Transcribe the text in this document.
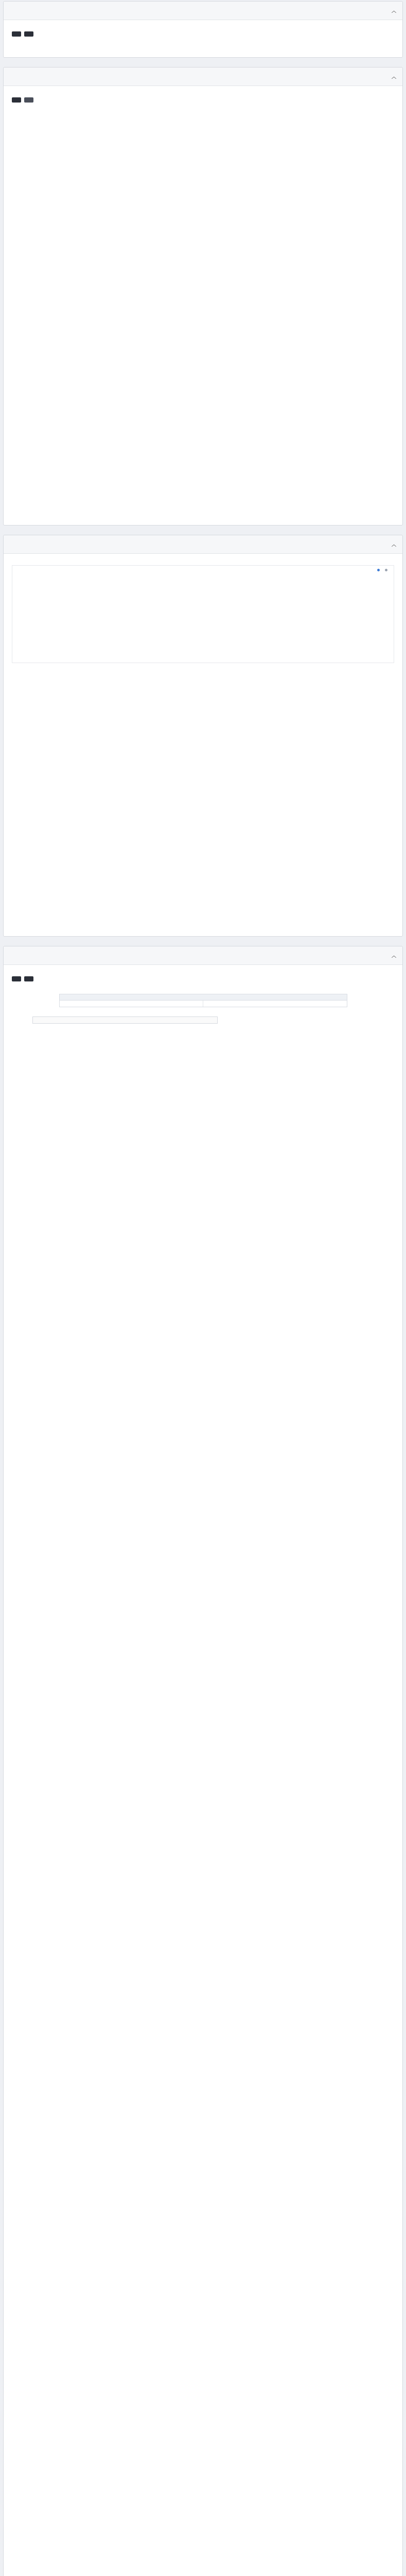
︿
︿
︿
︿
